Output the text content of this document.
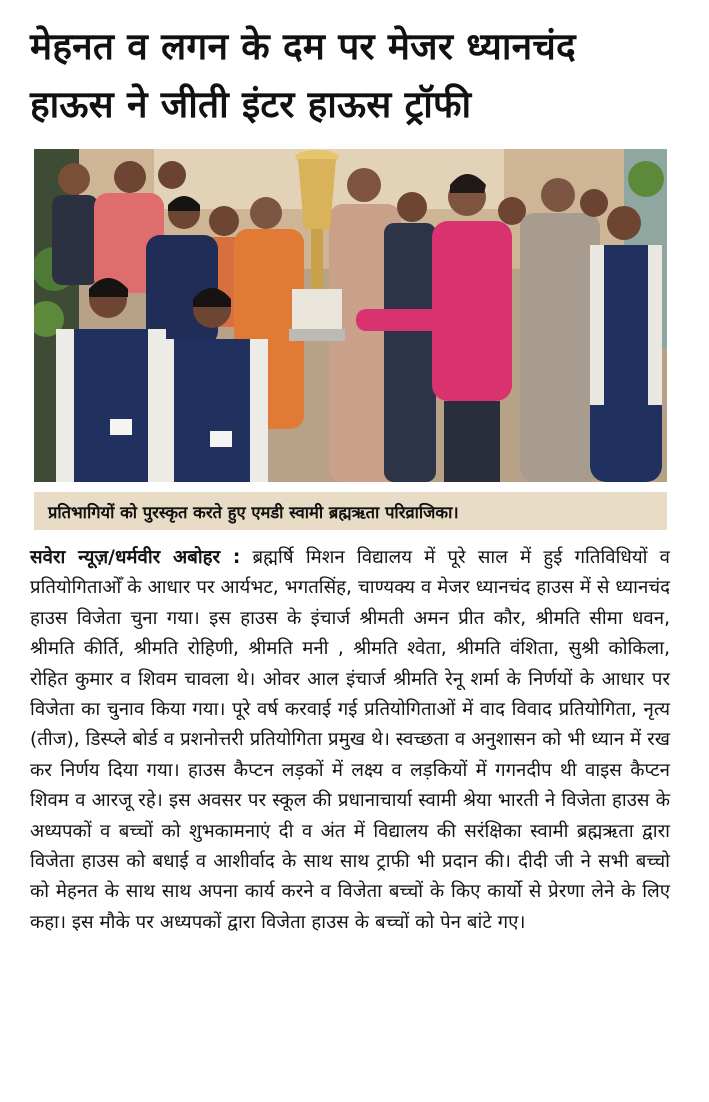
मेहनत व लगन के दम पर मेजर ध्यानचंद
हाऊस ने जीती इंटर हाऊस ट्रॉफी
प्रतिभागियों को पुरस्कृत करते हुए एमडी स्वामी ब्रह्मऋता परिव्राजिका।

सवेरा न्यूज़/धर्मवीर अबोहर : ब्रह्मर्षि मिशन विद्यालय में पूरे साल में हुई गतिविधियों व प्रतियोगिताओँ के आधार पर आर्यभट, भगतसिंह, चाण्यक्य व मेजर ध्यानचंद हाउस में से ध्यानचंद हाउस विजेता चुना गया। इस हाउस के इंचार्ज श्रीमती अमन प्रीत कौर, श्रीमति सीमा धवन, श्रीमति कीर्ति, श्रीमति रोहिणी, श्रीमति मनी , श्रीमति श्वेता, श्रीमति वंशिता, सुश्री कोकिला, रोहित कुमार व शिवम चावला थे। ओवर आल इंचार्ज श्रीमति रेनू शर्मा के निर्णयों के आधार पर विजेता का चुनाव किया गया। पूरे वर्ष करवाई गई प्रतियोगिताओं में वाद विवाद प्रतियोगिता, नृत्य (तीज), डिस्प्ले बोर्ड व प्रशनोत्तरी प्रतियोगिता प्रमुख थे। स्वच्छता व अनुशासन को भी ध्यान में रख कर निर्णय दिया गया। हाउस कैप्टन लड़कों में लक्ष्य व लड़कियों में गगनदीप थी वाइस कैप्टन शिवम व आरजू रहे। इस अवसर पर स्कूल की प्रधानाचार्या स्वामी श्रेया भारती ने विजेता हाउस के अध्यपकों व बच्चों को शुभकामनाएं दी व अंत में विद्यालय की सरंक्षिका स्वामी ब्रह्मऋता द्वारा विजेता हाउस को बधाई व आशीर्वाद के साथ साथ ट्राफी भी प्रदान की। दीदी जी ने सभी बच्चो को मेहनत के साथ साथ अपना कार्य करने व विजेता बच्चों के किए कार्यो से प्रेरणा लेने के लिए कहा। इस मौके पर अध्यपकों द्वारा विजेता हाउस के बच्चों को पेन बांटे गए।
